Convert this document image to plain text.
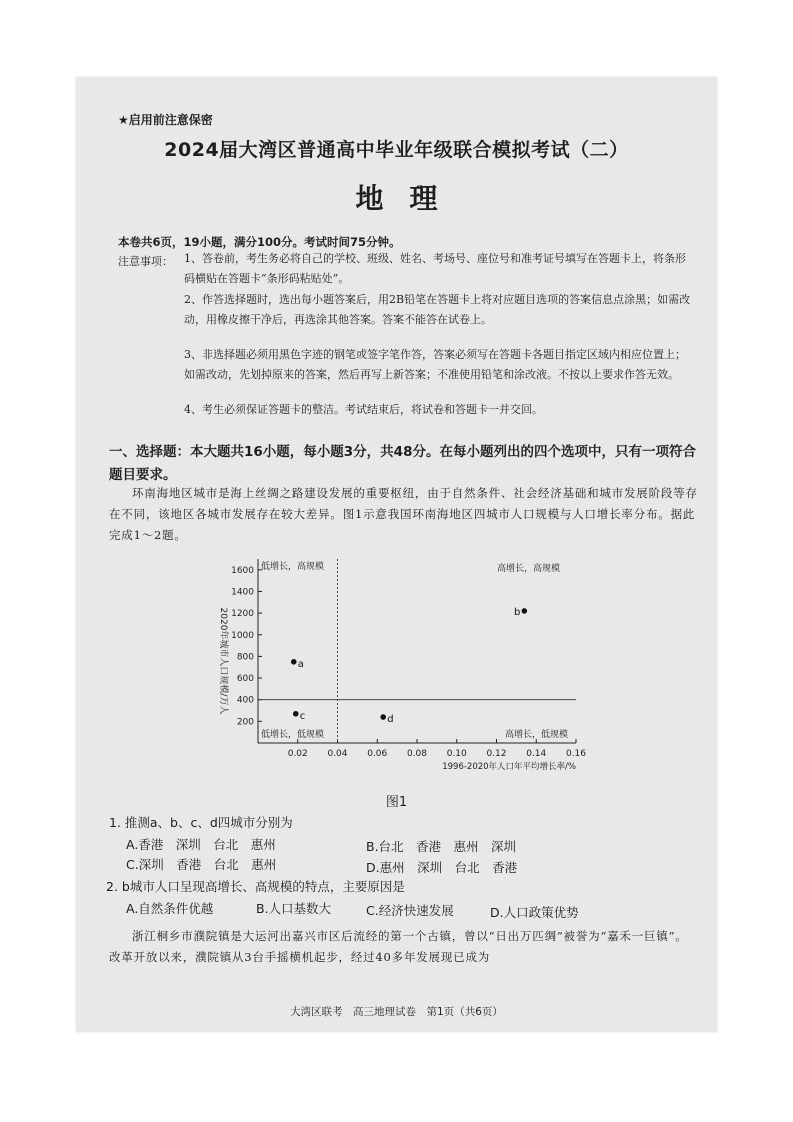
★启用前注意保密
2024届大湾区普通高中毕业年级联合模拟考试（二）
地理
本卷共6页，19小题，满分100分。考试时间75分钟。
注意事项： 1、答卷前，考生务必将自己的学校、班级、姓名、考场号、座位号和准考证号填写在答题卡上，将条形码横贴在答题卡“条形码粘贴处”。
2、作答选择题时，选出每小题答案后，用2B铅笔在答题卡上将对应题目选项的答案信息点涂黑；如需改动，用橡皮擦干净后，再选涂其他答案。答案不能答在试卷上。
3、非选择题必须用黑色字迹的钢笔或签字笔作答，答案必须写在答题卡各题目指定区域内相应位置上；如需改动，先划掉原来的答案，然后再写上新答案；不准使用铅笔和涂改液。不按以上要求作答无效。
4、考生必须保证答题卡的整洁。考试结束后，将试卷和答题卡一并交回。
一、选择题：本大题共16小题，每小题3分，共48分。在每小题列出的四个选项中，只有一项符合题目要求。
环南海地区城市是海上丝绸之路建设发展的重要枢纽，由于自然条件、社会经济基础和城市发展阶段等存在不同，该地区各城市发展存在较大差异。图1示意我国环南海地区四城市人口规模与人口增长率分布。据此完成1～2题。
0.02 0.04 0.06 0.08 0.10 0.12 0.14 0.16
200
400
600
800
1000
1200
1400
1600 低增长，高规模	高增长，高规模
低增长，低规模	高增长，低规模
a
b
c	d
1996-2020年人口年平均增长率/%
2020年城市人口规模/万人
图1
1. 推测a、b、c、d四城市分别为
A.香港　深圳　台北　惠州	B.台北　香港　惠州　深圳
C.深圳　香港　台北　惠州	D.惠州　深圳　台北　香港
2. b城市人口呈现高增长、高规模的特点，主要原因是
A.自然条件优越	B.人口基数大	C.经济快速发展	D.人口政策优势
浙江桐乡市濮院镇是大运河出嘉兴市区后流经的第一个古镇，曾以“日出万匹绸”被誉为“嘉禾一巨镇”。改革开放以来，濮院镇从3台手摇横机起步，经过40多年发展现已成为
大湾区联考　高三地理试卷　第1页（共6页）
